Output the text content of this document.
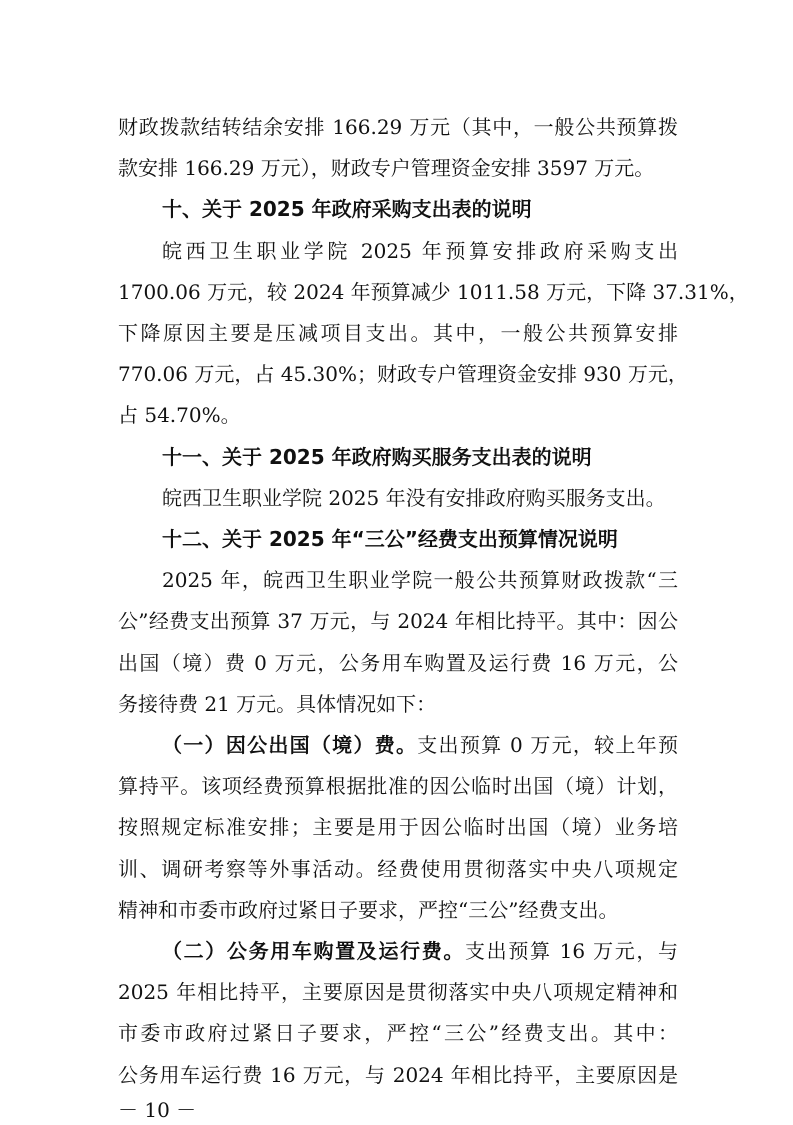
财政拨款结转结余安排 166.29 万元（其中，一般公共预算拨
款安排 166.29 万元），财政专户管理资金安排 3597 万元。
十、关于 2025 年政府采购支出表的说明
皖西卫生职业学院 2025 年预算安排政府采购支出
1700.06 万元，较 2024 年预算减少 1011.58 万元，下降 37.31%，
下降原因主要是压减项目支出。其中，一般公共预算安排
770.06 万元，占 45.30%；财政专户管理资金安排 930 万元，
占 54.70%。
十一、关于 2025 年政府购买服务支出表的说明
皖西卫生职业学院 2025 年没有安排政府购买服务支出。
十二、关于 2025 年“三公”经费支出预算情况说明
2025 年，皖西卫生职业学院一般公共预算财政拨款“三
公”经费支出预算 37 万元，与 2024 年相比持平。其中：因公
出国（境）费 0 万元，公务用车购置及运行费 16 万元，公
务接待费 21 万元。具体情况如下：
（一）因公出国（境）费。支出预算 0 万元，较上年预
算持平。该项经费预算根据批准的因公临时出国（境）计划，
按照规定标准安排；主要是用于因公临时出国（境）业务培
训、调研考察等外事活动。经费使用贯彻落实中央八项规定
精神和市委市政府过紧日子要求，严控“三公”经费支出。
（二）公务用车购置及运行费。支出预算 16 万元，与
2025 年相比持平，主要原因是贯彻落实中央八项规定精神和
市委市政府过紧日子要求，严控“三公”经费支出。其中：
－ 10 －
公务用车运行费 16 万元，与 2024 年相比持平，主要原因是
